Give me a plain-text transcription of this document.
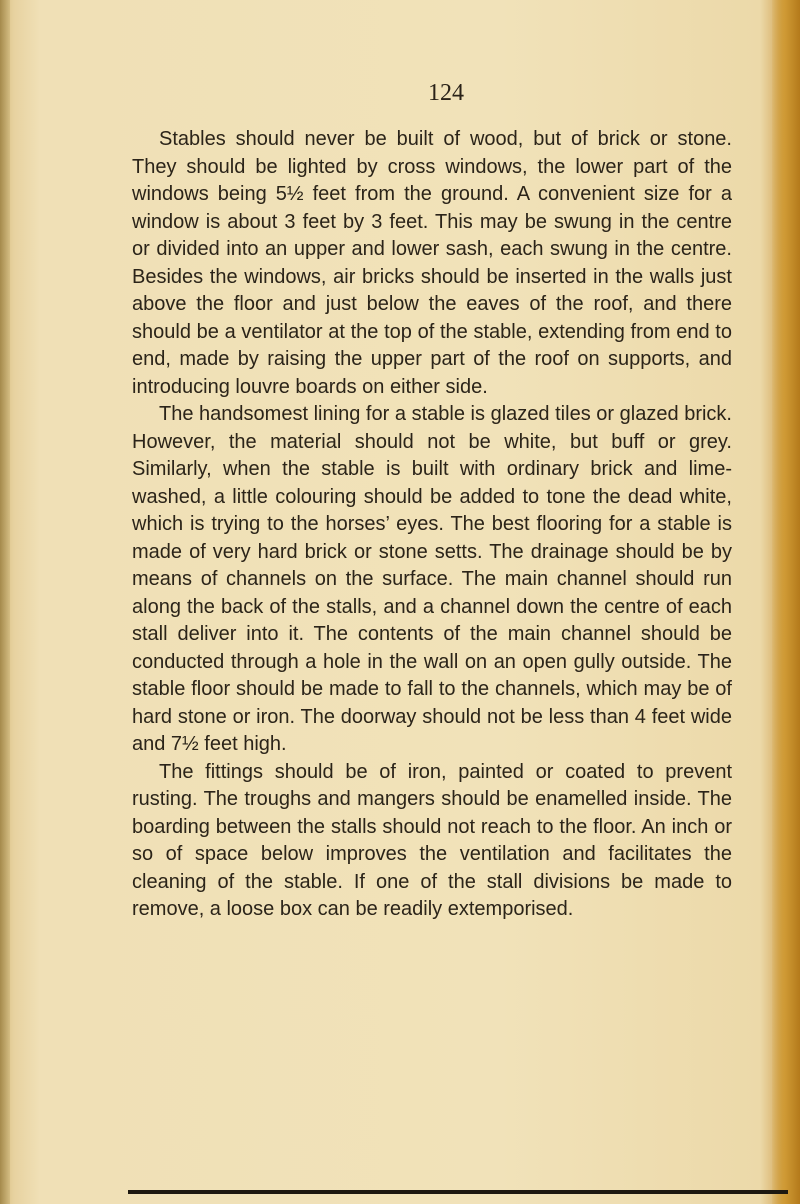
124

Stables should never be built of wood, but of brick or stone. They should be lighted by cross windows, the lower part of the windows being 5½ feet from the ground. A convenient size for a window is about 3 feet by 3 feet. This may be swung in the centre or divided into an upper and lower sash, each swung in the centre. Besides the windows, air bricks should be inserted in the walls just above the floor and just below the eaves of the roof, and there should be a ventilator at the top of the stable, extending from end to end, made by raising the upper part of the roof on supports, and introducing louvre boards on either side.

The handsomest lining for a stable is glazed tiles or glazed brick. However, the material should not be white, but buff or grey. Similarly, when the stable is built with ordinary brick and lime-washed, a little colouring should be added to tone the dead white, which is trying to the horses’ eyes. The best flooring for a stable is made of very hard brick or stone setts. The drainage should be by means of channels on the surface. The main channel should run along the back of the stalls, and a channel down the centre of each stall deliver into it. The contents of the main channel should be conducted through a hole in the wall on an open gully outside. The stable floor should be made to fall to the channels, which may be of hard stone or iron. The doorway should not be less than 4 feet wide and 7½ feet high.

The fittings should be of iron, painted or coated to prevent rusting. The troughs and mangers should be enamelled inside. The boarding between the stalls should not reach to the floor. An inch or so of space below improves the ventilation and facilitates the cleaning of the stable. If one of the stall divisions be made to remove, a loose box can be readily extemporised.
